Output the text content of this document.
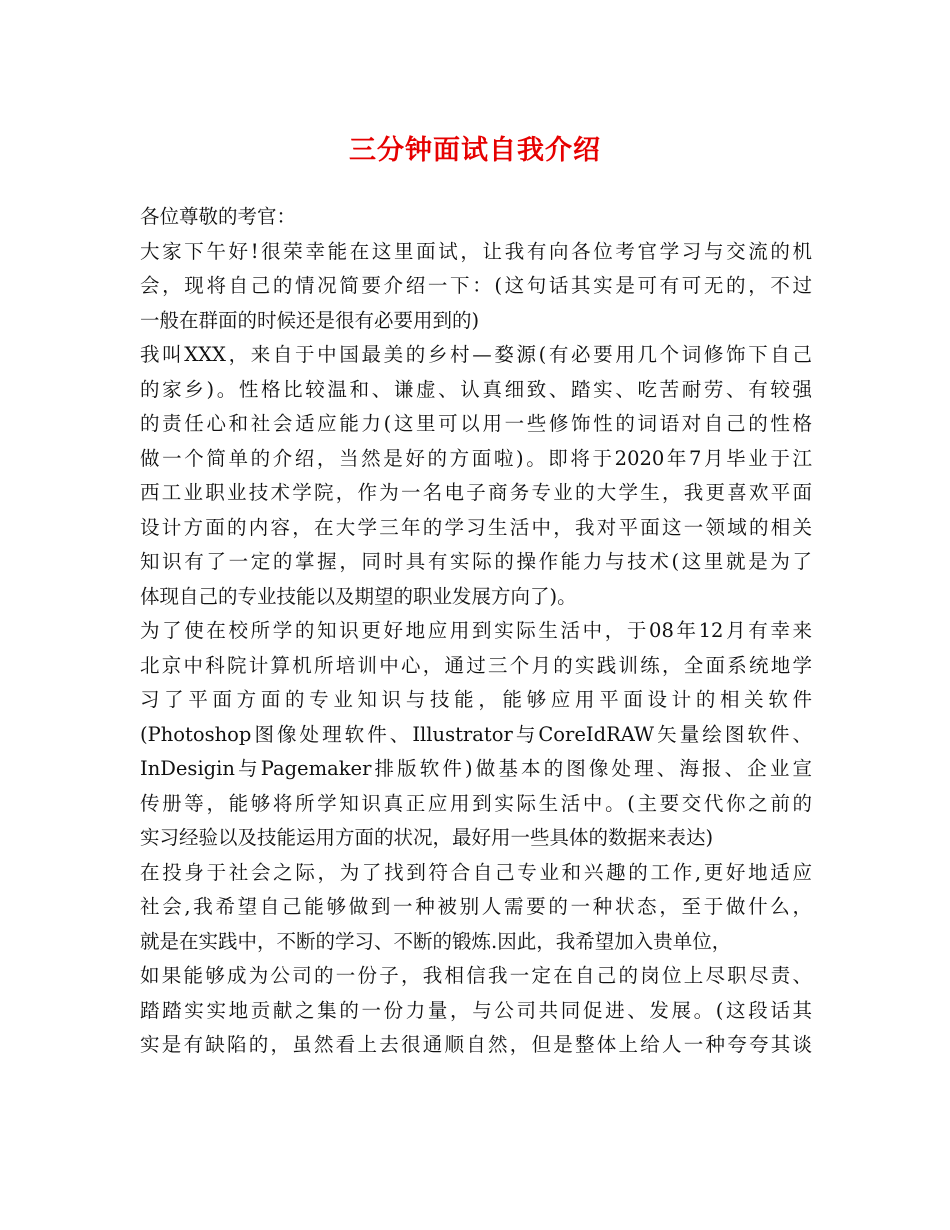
三分钟面试自我介绍
各位尊敬的考官：
大家下午好!很荣幸能在这里面试，让我有向各位考官学习与交流的机
会，现将自己的情况简要介绍一下：(这句话其实是可有可无的，不过
一般在群面的时候还是很有必要用到的)
我叫XXX，来自于中国最美的乡村—婺源(有必要用几个词修饰下自己
的家乡)。性格比较温和、谦虚、认真细致、踏实、吃苦耐劳、有较强
的责任心和社会适应能力(这里可以用一些修饰性的词语对自己的性格
做一个简单的介绍，当然是好的方面啦)。即将于2020年7月毕业于江
西工业职业技术学院，作为一名电子商务专业的大学生，我更喜欢平面
设计方面的内容，在大学三年的学习生活中，我对平面这一领域的相关
知识有了一定的掌握，同时具有实际的操作能力与技术(这里就是为了
体现自己的专业技能以及期望的职业发展方向了)。
为了使在校所学的知识更好地应用到实际生活中，于08年12月有幸来
北京中科院计算机所培训中心，通过三个月的实践训练，全面系统地学
习了平面方面的专业知识与技能，能够应用平面设计的相关软件
(Photoshop图像处理软件、Illustrator与CoreIdRAW矢量绘图软件、
InDesigin与Pagemaker排版软件)做基本的图像处理、海报、企业宣
传册等，能够将所学知识真正应用到实际生活中。(主要交代你之前的
实习经验以及技能运用方面的状况，最好用一些具体的数据来表达)
在投身于社会之际，为了找到符合自己专业和兴趣的工作,更好地适应
社会,我希望自己能够做到一种被别人需要的一种状态，至于做什么，
就是在实践中，不断的学习、不断的锻炼.因此，我希望加入贵单位，
如果能够成为公司的一份子，我相信我一定在自己的岗位上尽职尽责、
踏踏实实地贡献之集的一份力量，与公司共同促进、发展。(这段话其
实是有缺陷的，虽然看上去很通顺自然，但是整体上给人一种夸夸其谈
